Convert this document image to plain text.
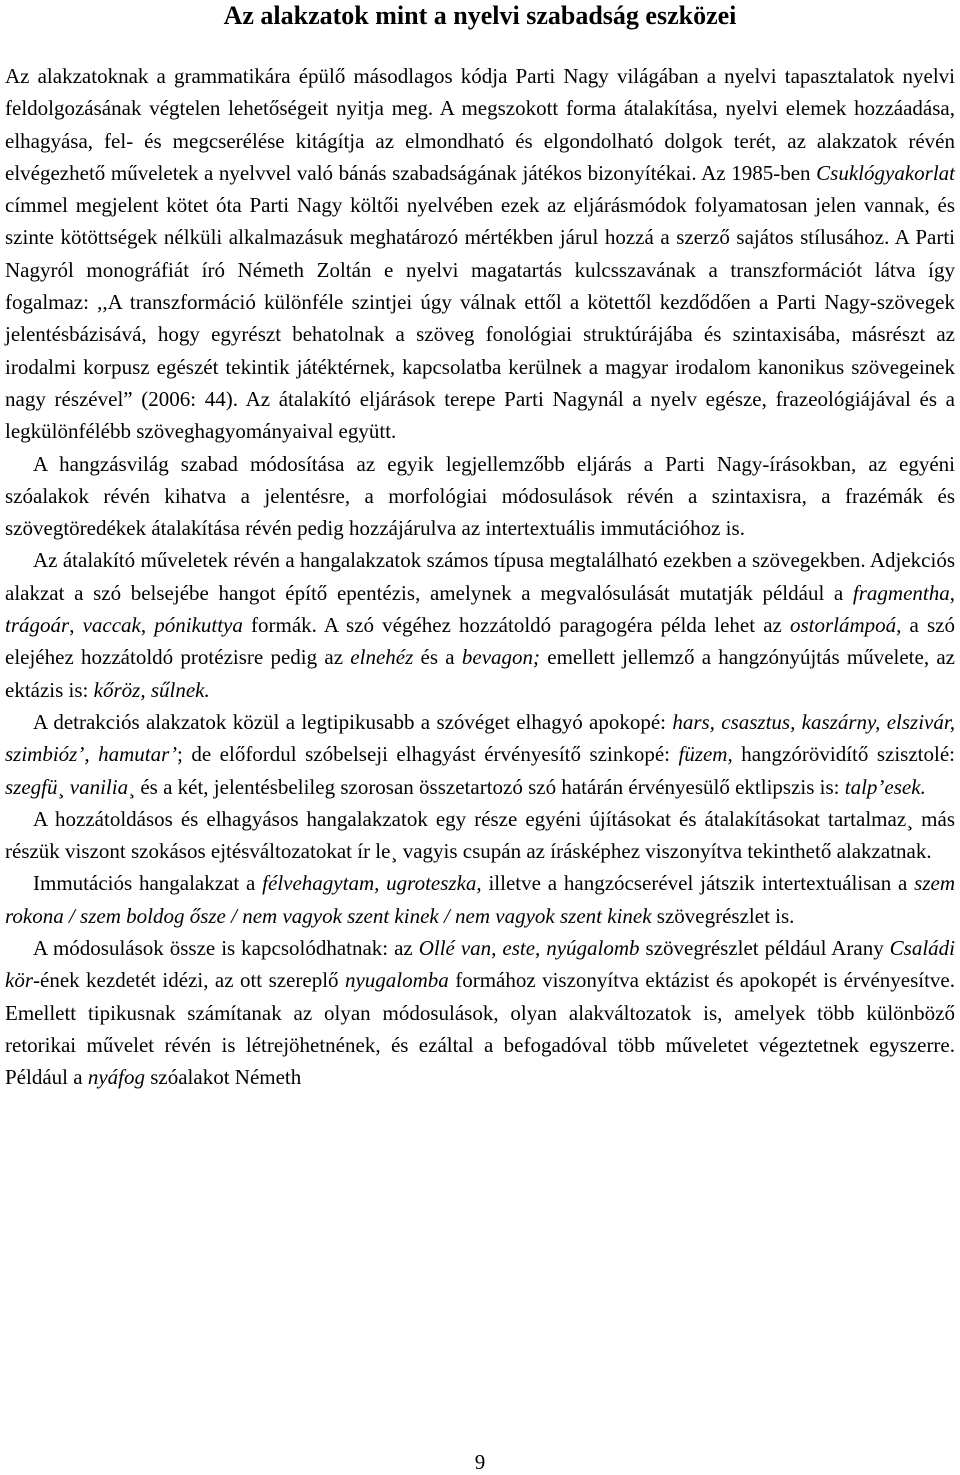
Az alakzatok mint a nyelvi szabadság eszközei

Az alakzatoknak a grammatikára épülő másodlagos kódja Parti Nagy világában a nyelvi tapasztalatok nyelvi feldolgozásának végtelen lehetőségeit nyitja meg. A megszokott forma átalakítása, nyelvi elemek hozzáadása, elhagyása, fel- és megcserélése kitágítja az elmondható és elgondolható dolgok terét, az alakzatok révén elvégezhető műveletek a nyelvvel való bánás szabadságának játékos bizonyítékai. Az 1985-ben Csuklógyakorlat címmel megjelent kötet óta Parti Nagy költői nyelvében ezek az eljárásmódok folyamatosan jelen vannak, és szinte kötöttségek nélküli alkalmazásuk meghatározó mértékben járul hozzá a szerző sajátos stílusához. A Parti Nagyról monográfiát író Németh Zoltán e nyelvi magatartás kulcsszavának a transzformációt látva így fogalmaz: ,,A transzformáció különféle szintjei úgy válnak ettől a kötettől kezdődően a Parti Nagy-szövegek jelentésbázisává, hogy egyrészt behatolnak a szöveg fonológiai struktúrájába és szintaxisába, másrészt az irodalmi korpusz egészét tekintik játéktérnek, kapcsolatba kerülnek a magyar irodalom kanonikus szövegeinek nagy részével” (2006: 44). Az átalakító eljárások terepe Parti Nagynál a nyelv egésze, frazeológiájával és a legkülönfélébb szöveghagyományaival együtt.

A hangzásvilág szabad módosítása az egyik legjellemzőbb eljárás a Parti Nagy-írásokban, az egyéni szóalakok révén kihatva a jelentésre, a morfológiai módosulások révén a szintaxisra, a frazémák és szövegtöredékek átalakítása révén pedig hozzájárulva az intertextuális immutációhoz is.

Az átalakító műveletek révén a hangalakzatok számos típusa megtalálható ezekben a szövegekben. Adjekciós alakzat a szó belsejébe hangot építő epentézis, amelynek a megvalósulását mutatják például a fragmentha, trágoár, vaccak, pónikuttya formák. A szó végéhez hozzátoldó paragogéra példa lehet az ostorlámpoá, a szó elejéhez hozzátoldó protézisre pedig az elnehéz és a bevagon; emellett jellemző a hangzónyújtás művelete, az ektázis is: kőröz, sűlnek.

A detrakciós alakzatok közül a legtipikusabb a szóvéget elhagyó apokopé: hars, csasztus, kaszárny, elszivár, szimbióz’, hamutar’; de előfordul szóbelseji elhagyást érvényesítő szinkopé: füzem, hangzórövidítő szisztolé: szegfü¸ vanilia¸ és a két, jelentésbelileg szorosan összetartozó szó határán érvényesülő ektlipszis is: talp’esek.

A hozzátoldásos és elhagyásos hangalakzatok egy része egyéni újításokat és átalakításokat tartalmaz¸ más részük viszont szokásos ejtésváltozatokat ír le¸ vagyis csupán az írásképhez viszonyítva tekinthető alakzatnak.

Immutációs hangalakzat a félvehagytam, ugroteszka, illetve a hangzócserével játszik intertextuálisan a szem rokona / szem boldog ősze / nem vagyok szent kinek / nem vagyok szent kinek szövegrészlet is.

A módosulások össze is kapcsolódhatnak: az Ollé van, este, nyúgalomb szövegrészlet például Arany Családi kör-ének kezdetét idézi, az ott szereplő nyugalomba formához viszonyítva ektázist és apokopét is érvényesítve. Emellett tipikusnak számítanak az olyan módosulások, olyan alakváltozatok is, amelyek több különböző retorikai művelet révén is létrejöhetnének, és ezáltal a befogadóval több műveletet végeztetnek egyszerre. Például a nyáfog szóalakot Németh

9
